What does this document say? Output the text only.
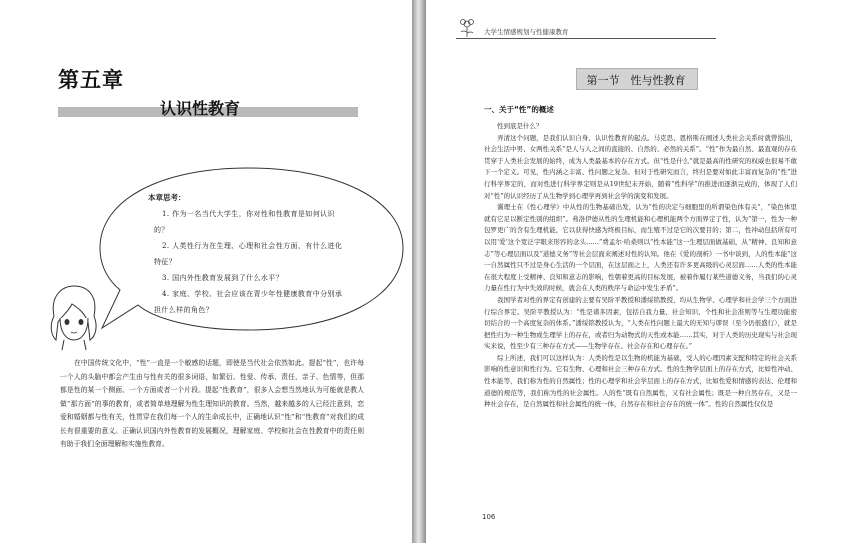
第五章
认识性教育
本章思考：
1. 作为一名当代大学生，你对性和性教育是如何认识的？
2. 人类性行为在生理、心理和社会性方面，有什么进化特征？
3. 国内外性教育发展到了什么水平？
4. 家庭、学校、社会应该在青少年性健康教育中分别承担什么样的角色？
在中国传统文化中，“性”一直是一个敏感的话题，即使是当代社会依然如此。提起“性”，也许每一个人的头脑中都会产生由与性有关的很多词语，如繁衍、性爱、传承、责任、亲子、色情等，但那都是性的某一个侧面、一个方面或者一个片段。提起“性教育”，很多人会想当然地认为可能就是教人做“那方面”的事的教育，或者简单地理解为性生理知识的教育。当然，越来越多的人已经注意到，恋爱和婚姻都与性有关，性贯穿在我们每一个人的生命成长中，正确地认识“性”和“性教育”对我们的成长有很重要的意义。正确认识国内外性教育的发展概况，理解家庭、学校和社会在性教育中的责任则有助于我们全面理解和实施性教育。
大学生情感规划与性健康教育
第一节　性与性教育
一、关于“性”的概述

性到底是什么？

弄清这个问题，是我们认识自身、认识性教育的起点。马克思、恩格斯在阐述人类社会关系时就曾指出，社会生活中男、女两性关系“是人与人之间的直接的、自然的、必然的关系”。“性”作为最自然、最直观的存在贯穿于人类社会发展的始终，成为人类最基本的存在方式。但“性是什么”就是最高的性研究的权威也很易不敢下一个定义。可见，性内涵之丰富、性问题之复杂。但对于性研究而言，终归是要对如此丰富而复杂的“性”进行科学界定的，而对性进行科学界定则是从19世纪末开始，随着“性科学”的推进而逐渐完成的，体现了人们对“性”的认识经历了从生物学到心理学再到社会学的演变和发展。

霭理士在《性心理学》中从性的生物基础出发，认为“性的决定与细胞里的所谓染色体有关”，“染色体里就有它足以断定性别的组织”。弗洛伊德从性的生理机能和心理机能两个方面界定了性，认为“第一，性为一种包罗更广的含有生理机能，它以获得快感为终极目标，而生殖不过是它的次要目的；第二，性冲动包括所有可以用‘爱’这个宽泛字眼来形容的念头……”费孟尔·哈桑则以“性本能”这一生理层面做基础，从“精神、良知和意志”等心理层面以及“道德义务”等社会层面来阐述对性的认知。他在《爱的剖析》一书中谈到，人的性本能“这一自然属性只不过是身心生活的一个层面，在这层面之上，人类还有许多更高级的心灵层面……人类的性本能在很大程度上受精神、良知和意志的影响，性朝着更高的目标发展，被着作履行某些道德义务，当我们的心灵力量在性行为中失效的时候，就会在人类的秩序与命运中发生矛盾”。

我国学者对性的界定有创建的主要有吴阶平教授和潘绥铭教授，均从生物学、心理学和社会学三个方面进行综合界定。吴阶平教授认为：“性是诸多因素，包括自我力量、社会知识、个性和社会准则等与生理功能密切结合的一个高度复杂的体系。”潘绥铭教授认为，“人类在性问题上最大的无知与谬误（至今仍很盛行），就是把性归为一种生物或生理学上的存在，或者归为动物式的天性或本能……其实，对于人类的历史现实与社会现实来说，性至少有三种存在方式——生物学存在、社会存在和心理存在。”

综上所述，我们可以这样认为：人类的性是以生物的机能为基础，受人的心理因素支配和特定的社会关系影响的性意识和性行为。它有生物、心理和社会三种存在方式。性的生物学层面上的存在方式，比如性冲动、性本能等，我们称为性的自然属性；性的心理学和社会学层面上的存在方式，比如性爱和情感的表达、伦理和道德的规范等，我们称为性的社会属性。人的性“既有自然属性，又有社会属性；既是一种自然存在，又是一种社会存在，是自然属性和社会属性的统一体，自然存在和社会存在的统一体”。性的自然属性仅仅是

106
